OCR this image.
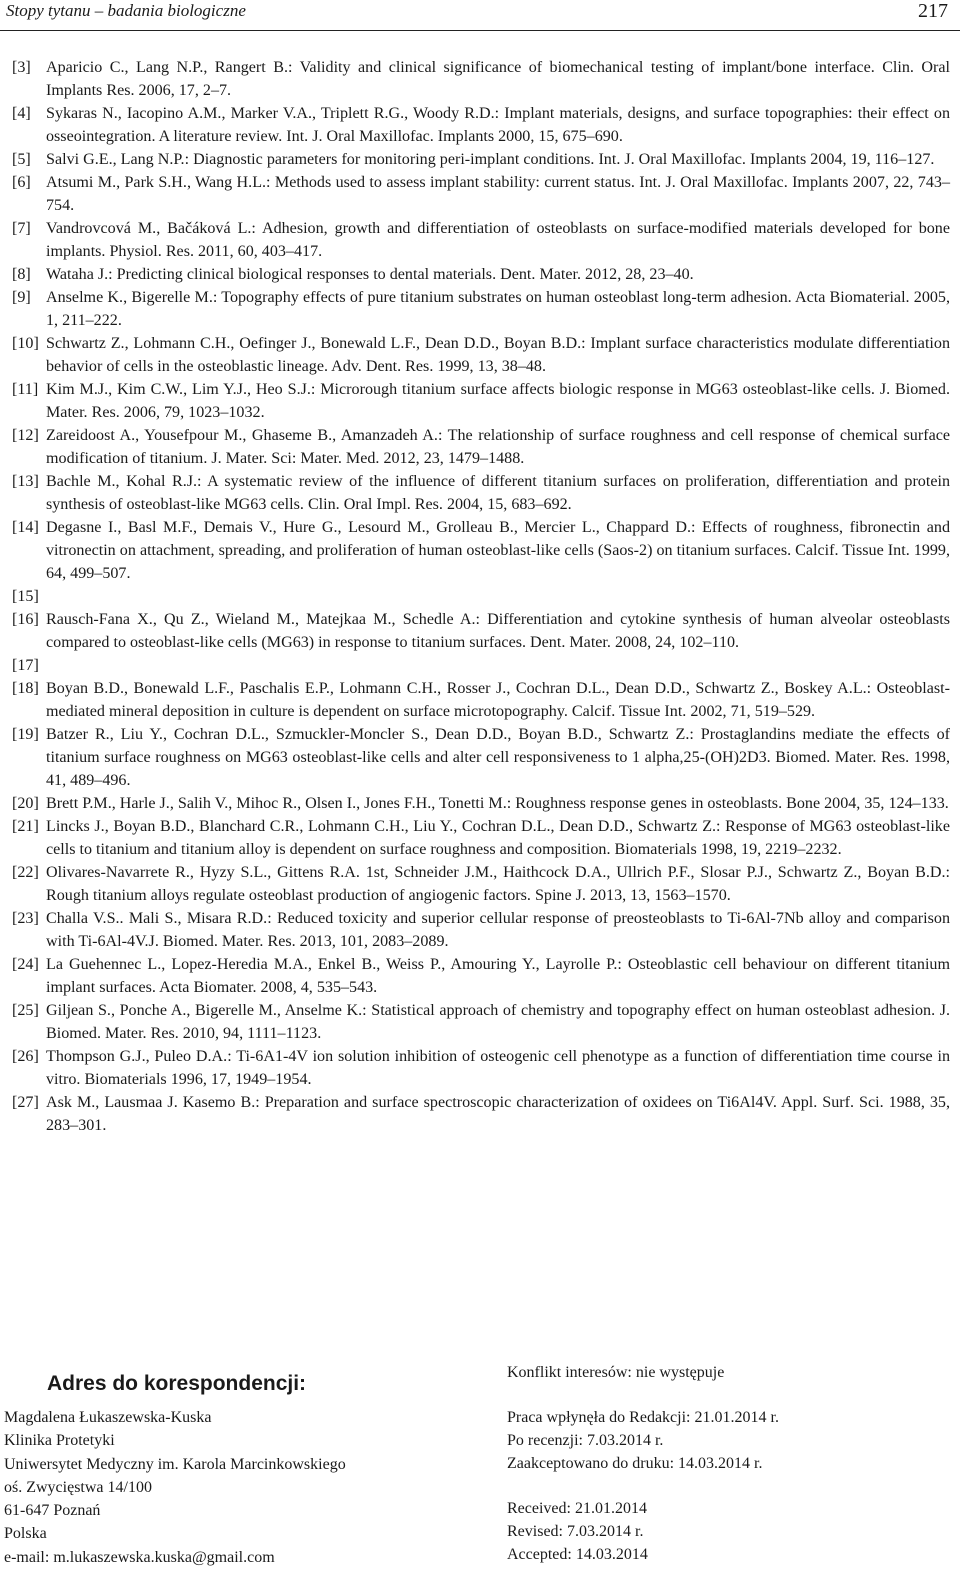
Stopy tytanu – badania biologiczne	217
[3] Aparicio C., Lang N.P., Rangert B.: Validity and clinical significance of biomechanical testing of implant/bone interface. Clin. Oral Implants Res. 2006, 17, 2–7.
[4] Sykaras N., Iacopino A.M., Marker V.A., Triplett R.G., Woody R.D.: Implant materials, designs, and surface topographies: their effect on osseointegration. A literature review. Int. J. Oral Maxillofac. Implants 2000, 15, 675–690.
[5] Salvi G.E., Lang N.P.: Diagnostic parameters for monitoring peri-implant conditions. Int. J. Oral Maxillofac. Implants 2004, 19, 116–127.
[6] Atsumi M., Park S.H., Wang H.L.: Methods used to assess implant stability: current status. Int. J. Oral Maxillofac. Implants 2007, 22, 743–754.
[7] Vandrovcová M., Bačáková L.: Adhesion, growth and differentiation of osteoblasts on surface-modified materials developed for bone implants. Physiol. Res. 2011, 60, 403–417.
[8] Wataha J.: Predicting clinical biological responses to dental materials. Dent. Mater. 2012, 28, 23–40.
[9] Anselme K., Bigerelle M.: Topography effects of pure titanium substrates on human osteoblast long-term adhesion. Acta Biomaterial. 2005, 1, 211–222.
[10] Schwartz Z., Lohmann C.H., Oefinger J., Bonewald L.F., Dean D.D., Boyan B.D.: Implant surface characteristics modulate differentiation behavior of cells in the osteoblastic lineage. Adv. Dent. Res. 1999, 13, 38–48.
[11] Kim M.J., Kim C.W., Lim Y.J., Heo S.J.: Microrough titanium surface affects biologic response in MG63 osteoblast-like cells. J. Biomed. Mater. Res. 2006, 79, 1023–1032.
[12] Zareidoost A., Yousefpour M., Ghaseme B., Amanzadeh A.: The relationship of surface roughness and cell response of chemical surface modification of titanium. J. Mater. Sci: Mater. Med. 2012, 23, 1479–1488.
[13] Bachle M., Kohal R.J.: A systematic review of the influence of different titanium surfaces on proliferation, differentiation and protein synthesis of osteoblast-like MG63 cells. Clin. Oral Impl. Res. 2004, 15, 683–692.
[14] Degasne I., Basl M.F., Demais V., Hure G., Lesourd M., Grolleau B., Mercier L., Chappard D.: Effects of roughness, fibronectin and vitronectin on attachment, spreading, and proliferation of human osteoblast-like cells (Saos-2) on titanium surfaces. Calcif. Tissue Int. 1999, 64, 499–507.
[15]
[16] Rausch-Fana X., Qu Z., Wieland M., Matejkaa M., Schedle A.: Differentiation and cytokine synthesis of human alveolar osteoblasts compared to osteoblast-like cells (MG63) in response to titanium surfaces. Dent. Mater. 2008, 24, 102–110.
[17]
[18] Boyan B.D., Bonewald L.F., Paschalis E.P., Lohmann C.H., Rosser J., Cochran D.L., Dean D.D., Schwartz Z., Boskey A.L.: Osteoblast-mediated mineral deposition in culture is dependent on surface microtopography. Calcif. Tissue Int. 2002, 71, 519–529.
[19] Batzer R., Liu Y., Cochran D.L., Szmuckler-Moncler S., Dean D.D., Boyan B.D., Schwartz Z.: Prostaglandins mediate the effects of titanium surface roughness on MG63 osteoblast-like cells and alter cell responsiveness to 1 alpha,25-(OH)2D3. Biomed. Mater. Res. 1998, 41, 489–496.
[20] Brett P.M., Harle J., Salih V., Mihoc R., Olsen I., Jones F.H., Tonetti M.: Roughness response genes in osteoblasts. Bone 2004, 35, 124–133.
[21] Lincks J., Boyan B.D., Blanchard C.R., Lohmann C.H., Liu Y., Cochran D.L., Dean D.D., Schwartz Z.: Response of MG63 osteoblast-like cells to titanium and titanium alloy is dependent on surface roughness and composition. Biomaterials 1998, 19, 2219–2232.
[22] Olivares-Navarrete R., Hyzy S.L., Gittens R.A. 1st, Schneider J.M., Haithcock D.A., Ullrich P.F., Slosar P.J., Schwartz Z., Boyan B.D.: Rough titanium alloys regulate osteoblast production of angiogenic factors. Spine J. 2013, 13, 1563–1570.
[23] Challa V.S.. Mali S., Misara R.D.: Reduced toxicity and superior cellular response of preosteoblasts to Ti-6Al-7Nb alloy and comparison with Ti-6Al-4V.J. Biomed. Mater. Res. 2013, 101, 2083–2089.
[24] La Guehennec L., Lopez-Heredia M.A., Enkel B., Weiss P., Amouring Y., Layrolle P.: Osteoblastic cell behaviour on different titanium implant surfaces. Acta Biomater. 2008, 4, 535–543.
[25] Giljean S., Ponche A., Bigerelle M., Anselme K.: Statistical approach of chemistry and topography effect on human osteoblast adhesion. J. Biomed. Mater. Res. 2010, 94, 1111–1123.
[26] Thompson G.J., Puleo D.A.: Ti-6A1-4V ion solution inhibition of osteogenic cell phenotype as a function of differentiation time course in vitro. Biomaterials 1996, 17, 1949–1954.
[27] Ask M., Lausmaa J. Kasemo B.: Preparation and surface spectroscopic characterization of oxidees on Ti6Al4V. Appl. Surf. Sci. 1988, 35, 283–301.
Adres do korespondencji:
Magdalena Łukaszewska-Kuska
Klinika Protetyki
Uniwersytet Medyczny im. Karola Marcinkowskiego
oś. Zwycięstwa 14/100
61-647 Poznań
Polska
e-mail: m.lukaszewska.kuska@gmail.com
Konflikt interesów: nie występuje
Praca wpłynęła do Redakcji: 21.01.2014 r.
Po recenzji: 7.03.2014 r.
Zaakceptowano do druku: 14.03.2014 r.
Received: 21.01.2014
Revised: 7.03.2014 r.
Accepted: 14.03.2014
